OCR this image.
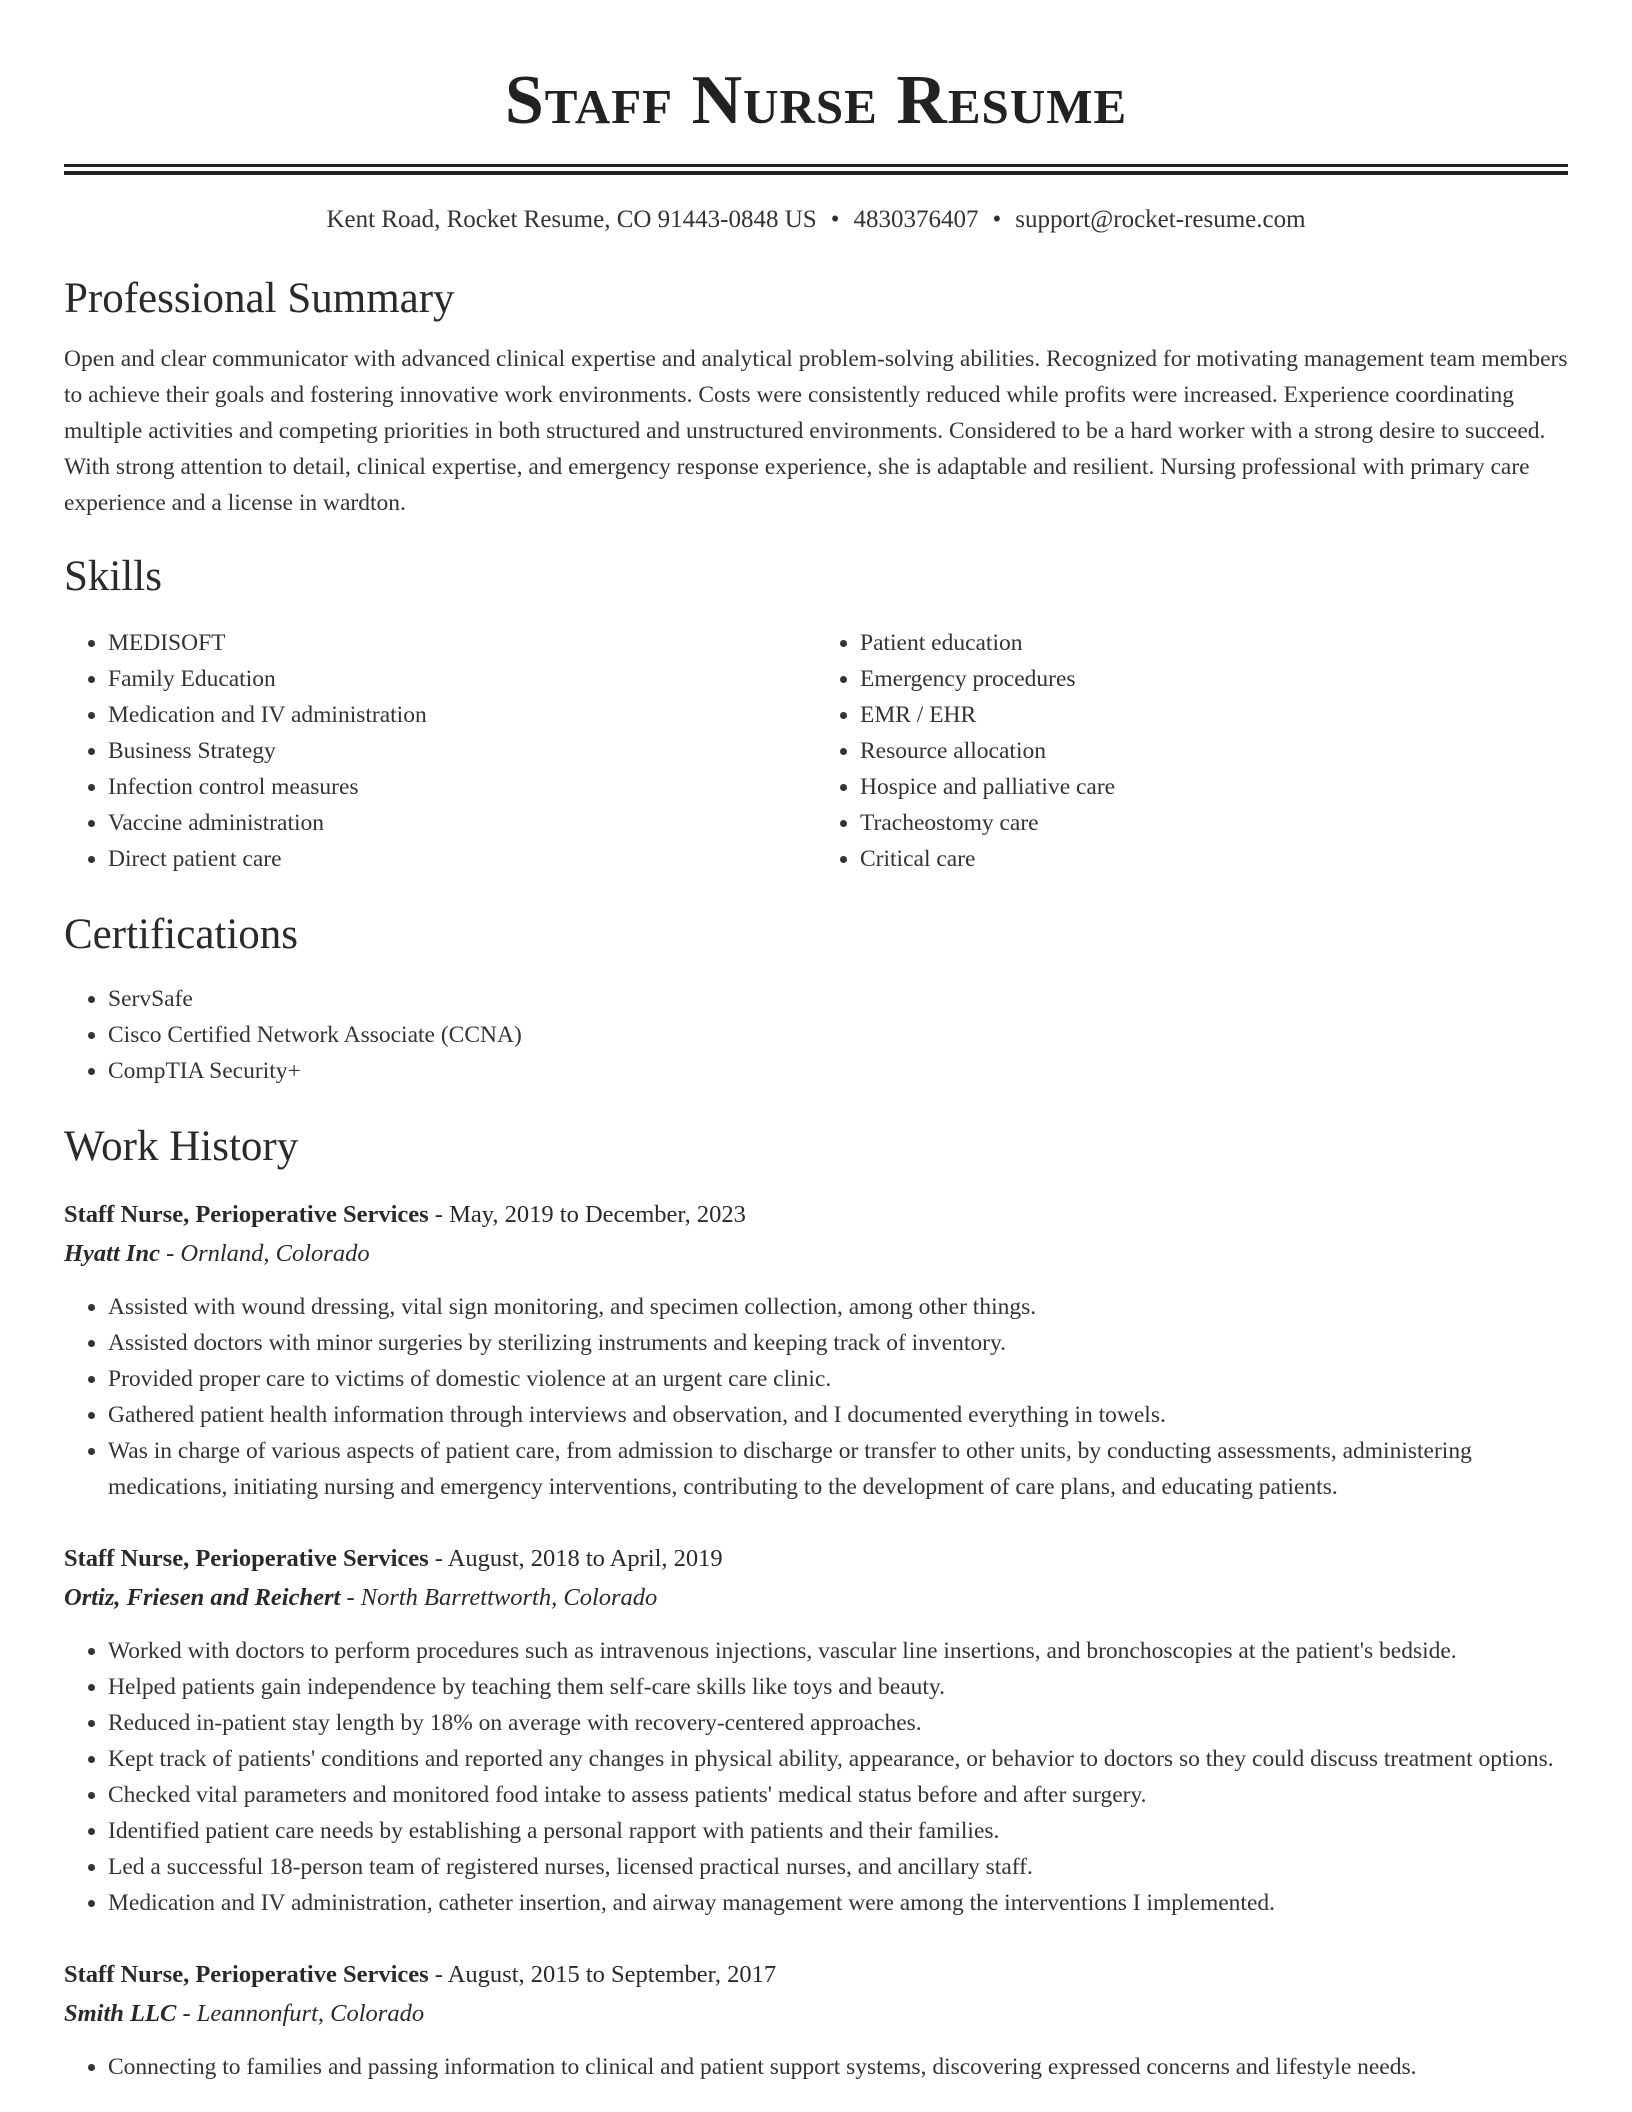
Staff Nurse Resume
Kent Road, Rocket Resume, CO 91443-0848 US • 4830376407 • support@rocket-resume.com
Professional Summary

Open and clear communicator with advanced clinical expertise and analytical problem-solving abilities. Recognized for motivating management team members to achieve their goals and fostering innovative work environments. Costs were consistently reduced while profits were increased. Experience coordinating multiple activities and competing priorities in both structured and unstructured environments. Considered to be a hard worker with a strong desire to succeed. With strong attention to detail, clinical expertise, and emergency response experience, she is adaptable and resilient. Nursing professional with primary care experience and a license in wardton.

Skills
• MEDISOFT
• Family Education
• Medication and IV administration
• Business Strategy
• Infection control measures
• Vaccine administration
• Direct patient care
• Patient education
• Emergency procedures
• EMR / EHR
• Resource allocation
• Hospice and palliative care
• Tracheostomy care
• Critical care
Certifications
• ServSafe
• Cisco Certified Network Associate (CCNA)
• CompTIA Security+
Work History
Staff Nurse, Perioperative Services - May, 2019 to December, 2023
Hyatt Inc - Ornland, Colorado
• Assisted with wound dressing, vital sign monitoring, and specimen collection, among other things.
• Assisted doctors with minor surgeries by sterilizing instruments and keeping track of inventory.
• Provided proper care to victims of domestic violence at an urgent care clinic.
• Gathered patient health information through interviews and observation, and I documented everything in towels.
• Was in charge of various aspects of patient care, from admission to discharge or transfer to other units, by conducting assessments, administering medications, initiating nursing and emergency interventions, contributing to the development of care plans, and educating patients.
Staff Nurse, Perioperative Services - August, 2018 to April, 2019
Ortiz, Friesen and Reichert - North Barrettworth, Colorado
• Worked with doctors to perform procedures such as intravenous injections, vascular line insertions, and bronchoscopies at the patient's bedside.
• Helped patients gain independence by teaching them self-care skills like toys and beauty.
• Reduced in-patient stay length by 18% on average with recovery-centered approaches.
• Kept track of patients' conditions and reported any changes in physical ability, appearance, or behavior to doctors so they could discuss treatment options.
• Checked vital parameters and monitored food intake to assess patients' medical status before and after surgery.
• Identified patient care needs by establishing a personal rapport with patients and their families.
• Led a successful 18-person team of registered nurses, licensed practical nurses, and ancillary staff.
• Medication and IV administration, catheter insertion, and airway management were among the interventions I implemented.
Staff Nurse, Perioperative Services - August, 2015 to September, 2017
Smith LLC - Leannonfurt, Colorado
• Connecting to families and passing information to clinical and patient support systems, discovering expressed concerns and lifestyle needs.
